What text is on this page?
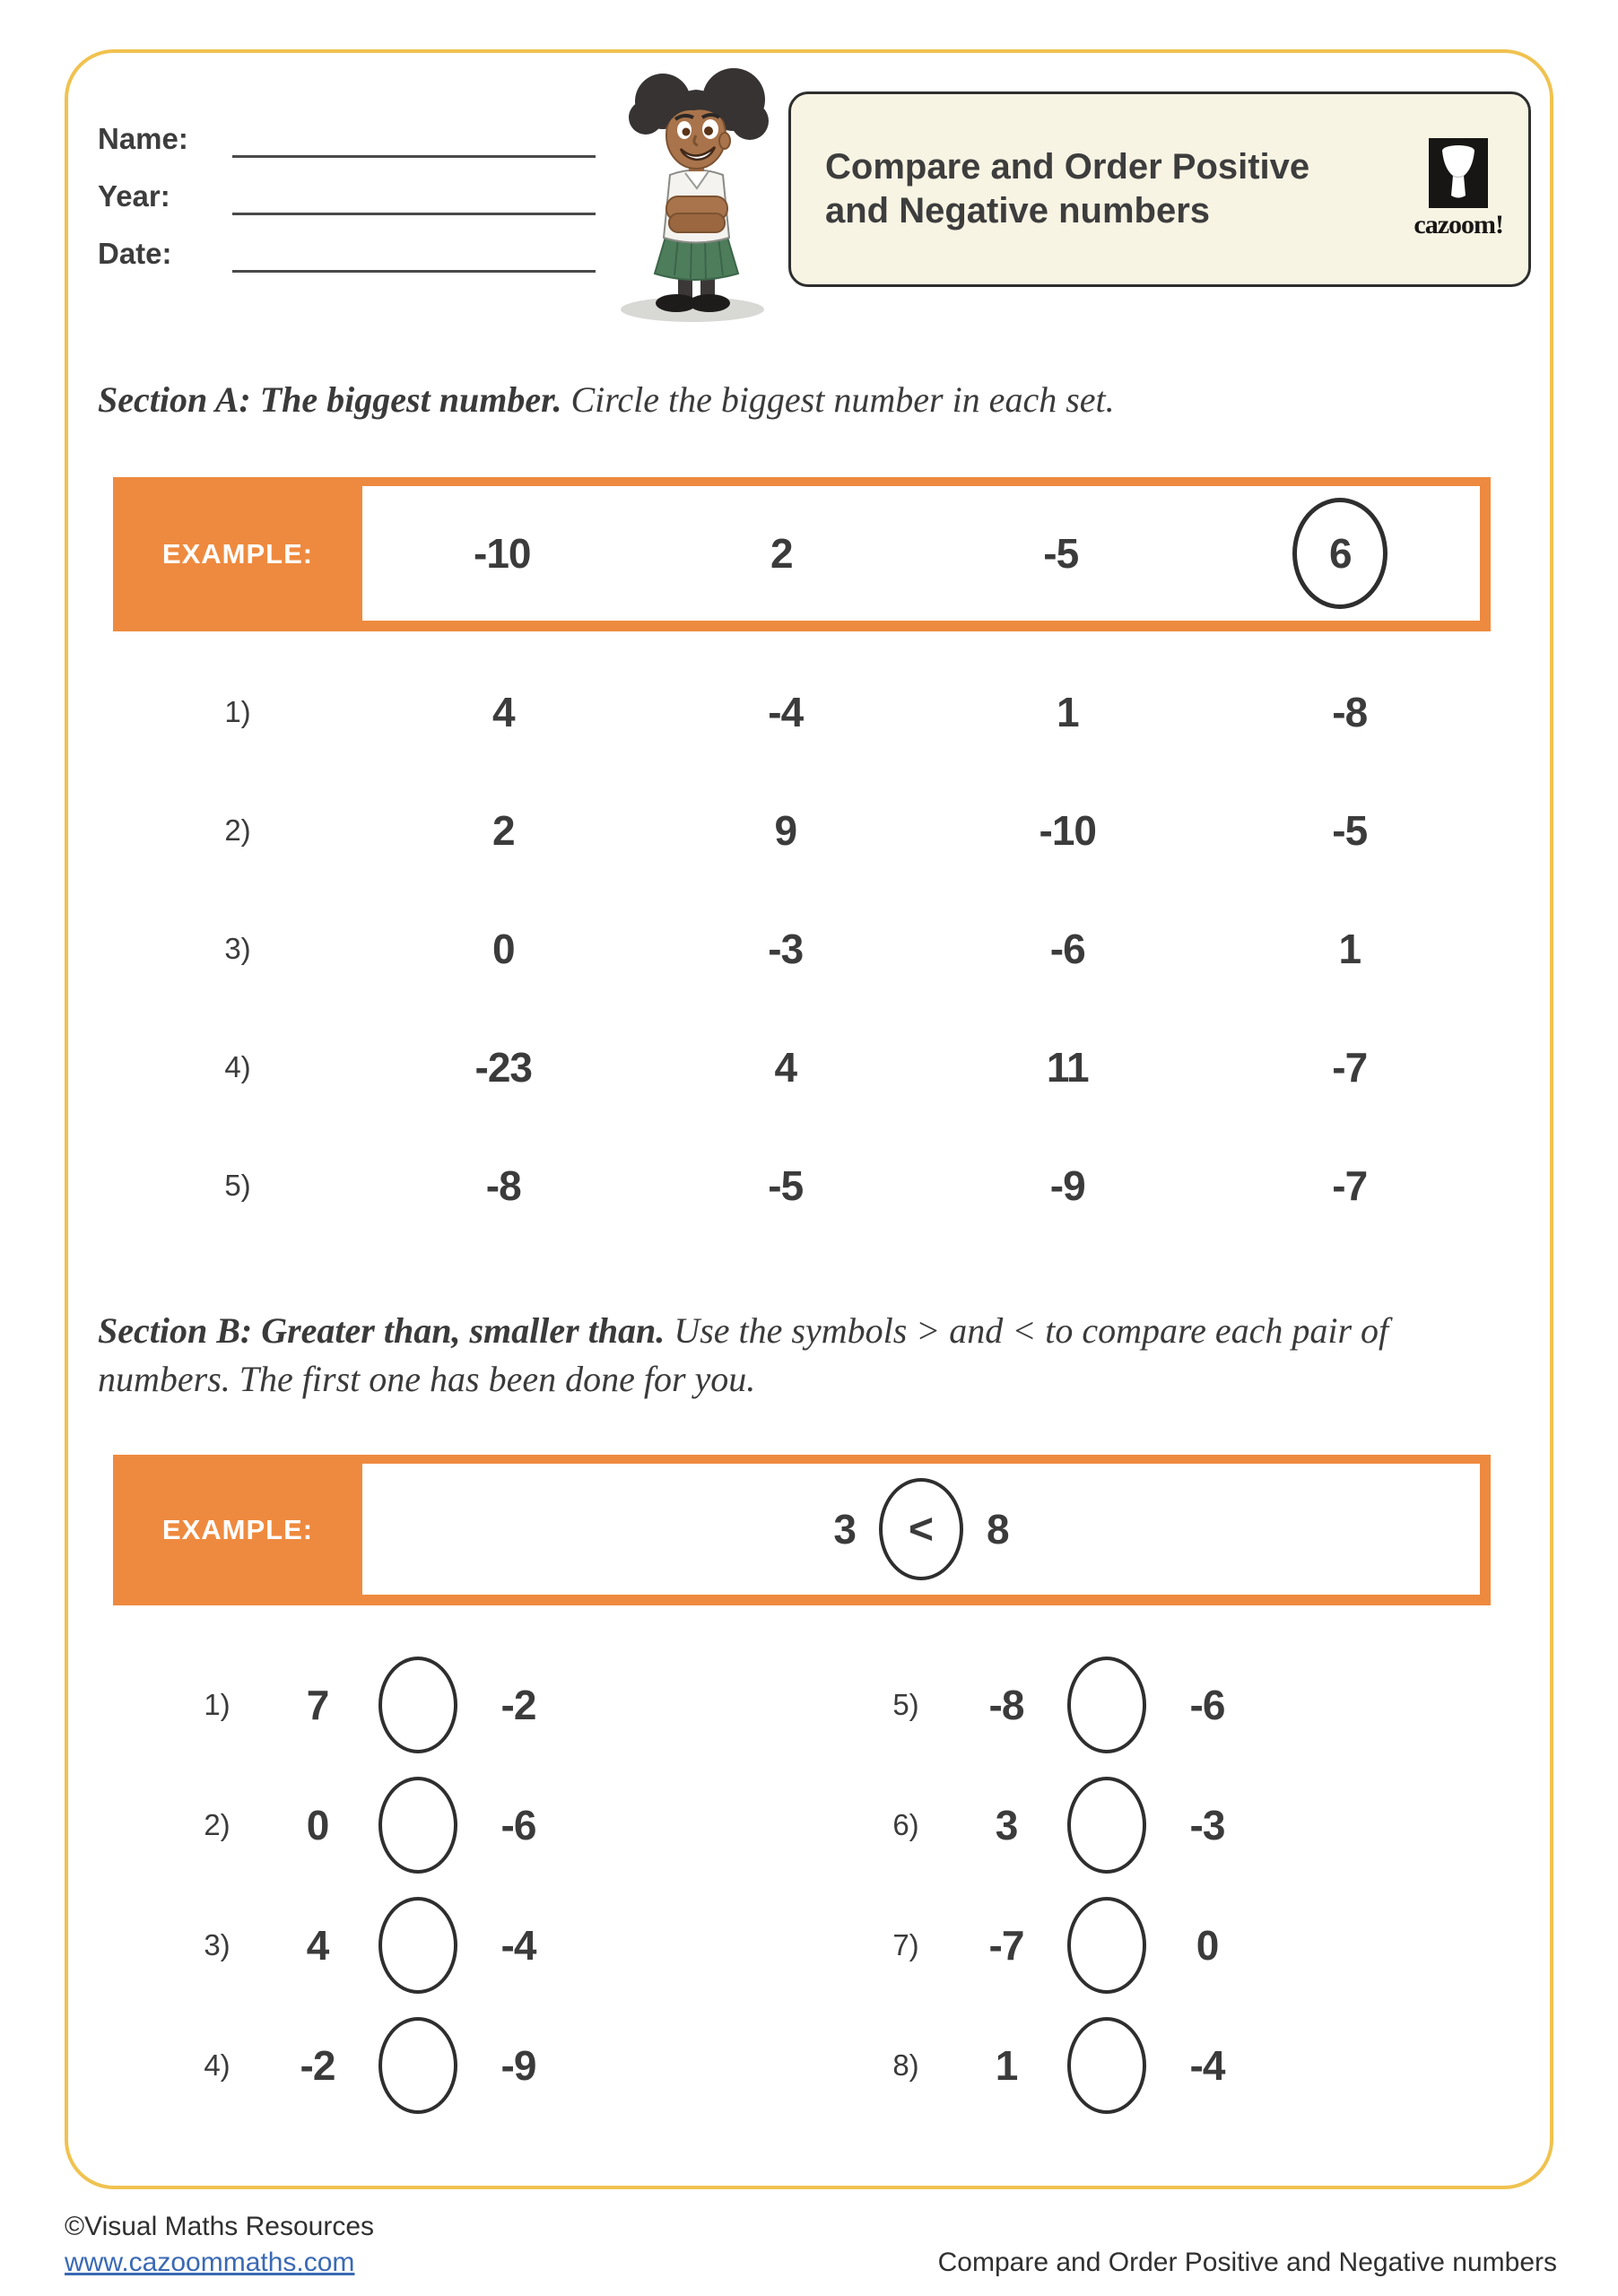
Name:
Year:
Date:
Compare and Order Positive and Negative numbers	cazoom!
Section A: The biggest number. Circle the biggest number in each set.
EXAMPLE:	-10	2	-5	6
1)	4	-4	1	-8
2)	2	9	-10	-5
3)	0	-3	-6	1
4)	-23	4	11	-7
5)	-8	-5	-9	-7
Section B: Greater than, smaller than. Use the symbols > and < to compare each pair of numbers. The first one has been done for you.
EXAMPLE:	3	<	8
1)	7	-2
2)	0	-6
3)	4	-4
4)	-2	-9
5)	-8	-6
6)	3	-3
7)	-7	0
8)	1	-4
©Visual Maths Resources
www.cazoommaths.com	Compare and Order Positive and Negative numbers
